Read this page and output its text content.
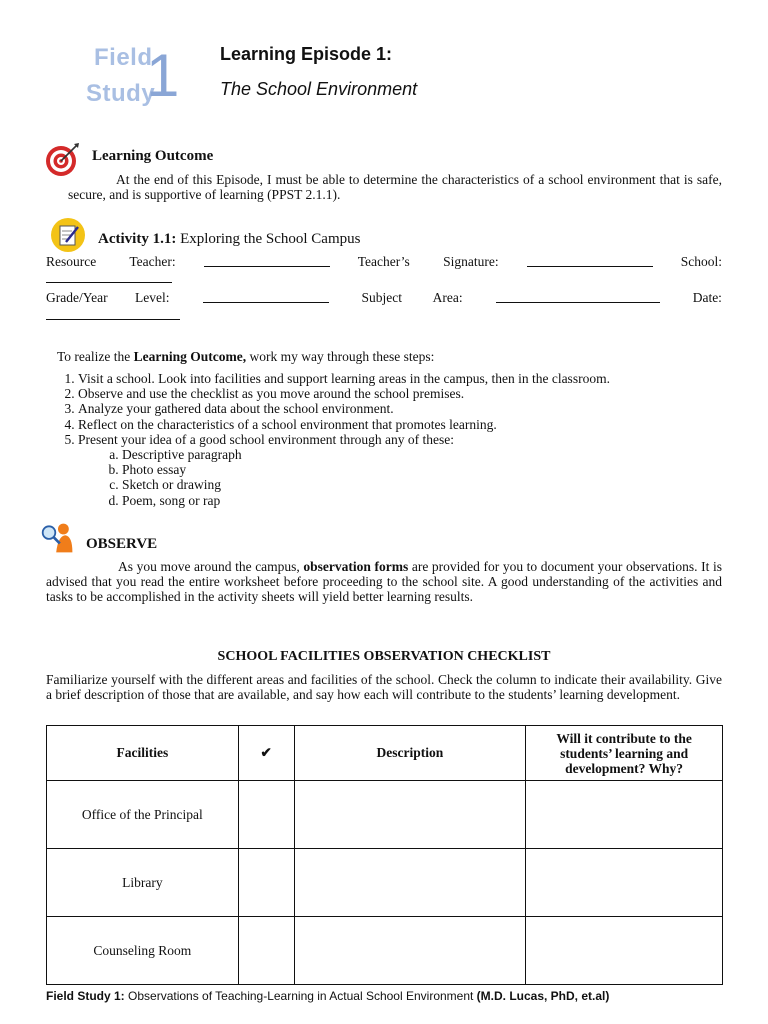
Field
Study
1 Learning Episode 1:
The School Environment
Learning Outcome
At the end of this Episode, I must be able to determine the characteristics of a school environment that is safe, secure, and is supportive of learning (PPST 2.1.1).
Activity 1.1: Exploring the School Campus
Resource Teacher:	Teacher’s Signature:	School:
Grade/Year Level:	Subject Area:	Date:
To realize the Learning Outcome, work my way through these steps:
1. Visit a school. Look into facilities and support learning areas in the campus, then in the classroom.
2. Observe and use the checklist as you move around the school premises.
3. Analyze your gathered data about the school environment.
4. Reflect on the characteristics of a school environment that promotes learning.
5. Present your idea of a good school environment through any of these:
a. Descriptive paragraph
b. Photo essay
c. Sketch or drawing
d. Poem, song or rap
OBSERVE
As you move around the campus, observation forms are provided for you to document your observations. It is advised that you read the entire worksheet before proceeding to the school site. A good understanding of the activities and tasks to be accomplished in the activity sheets will yield better learning results.
SCHOOL FACILITIES OBSERVATION CHECKLIST
Familiarize yourself with the different areas and facilities of the school. Check the column to indicate their availability. Give a brief description of those that are available, and say how each will contribute to the students’ learning development.
Facilities	✔	Description	Will it contribute to the students’ learning and development? Why?
Office of the Principal			
Library			
Counseling Room			
Field Study 1: Observations of Teaching-Learning in Actual School Environment (M.D. Lucas, PhD, et.al)
